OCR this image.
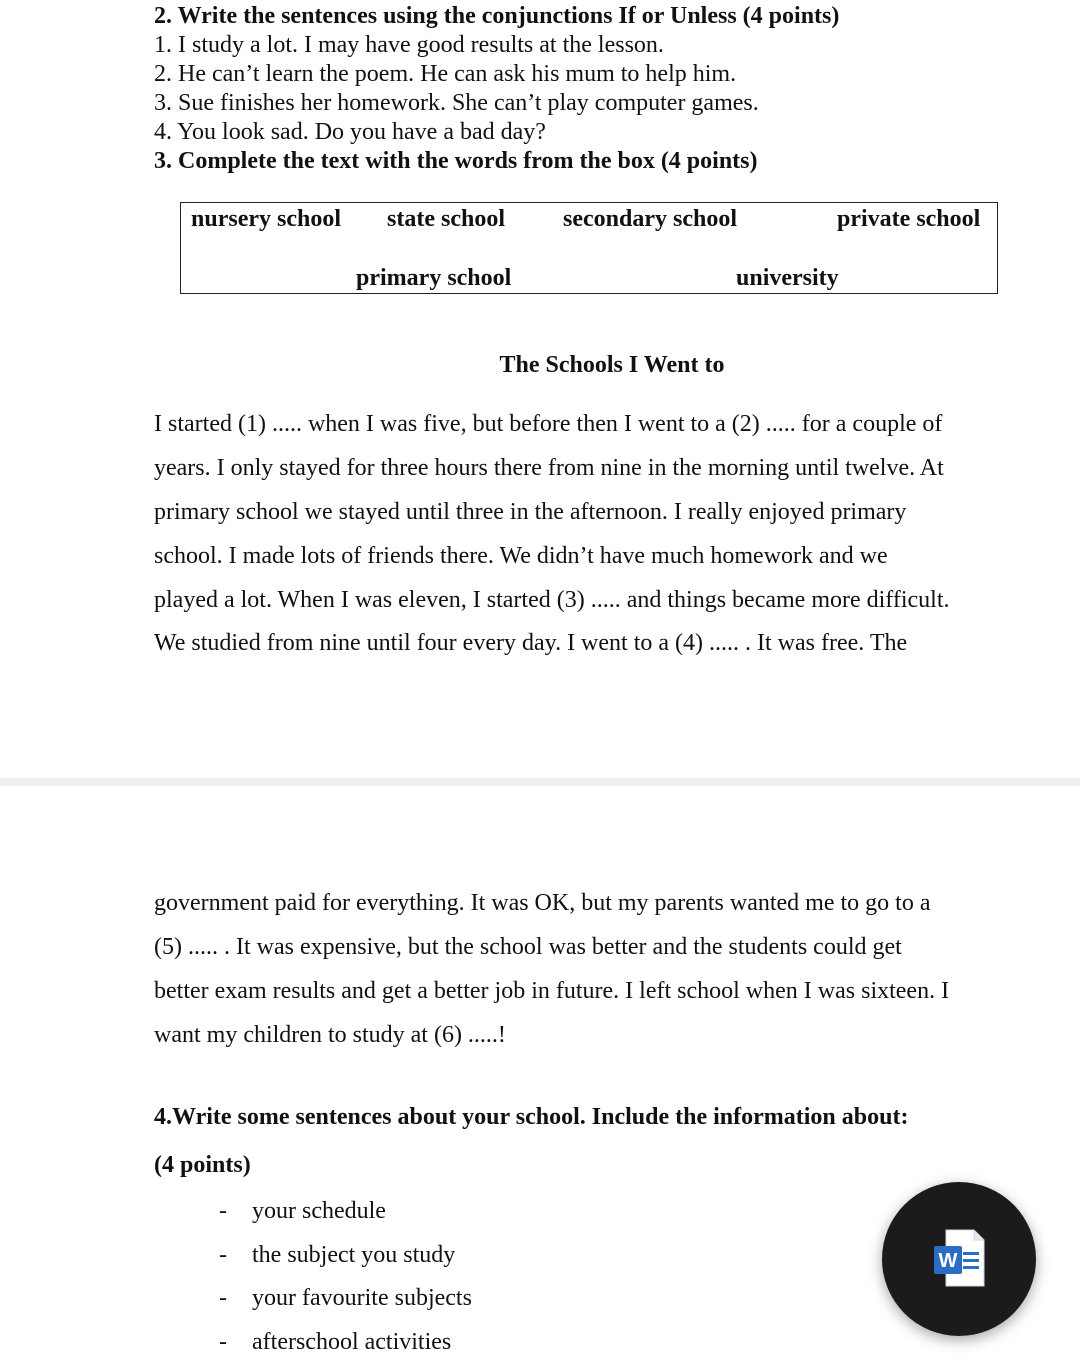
2. Write the sentences using the conjunctions If or Unless (4 points)
1. I study a lot. I may have good results at the lesson.
2. He can’t learn the poem. He can ask his mum to help him.
3. Sue finishes her homework. She can’t play computer games.
4. You look sad. Do you have a bad day?
3. Complete the text with the words from the box (4 points)
nursery school state school secondary school	private school
primary school	university
The Schools I Went to
I started (1) ..... when I was five, but before then I went to a (2) ..... for a couple of
years. I only stayed for three hours there from nine in the morning until twelve. At
primary school we stayed until three in the afternoon. I really enjoyed primary
school. I made lots of friends there. We didn’t have much homework and we
played a lot. When I was eleven, I started (3) ..... and things became more difficult.
We studied from nine until four every day. I went to a (4) ..... . It was free. The
government paid for everything. It was OK, but my parents wanted me to go to a
(5) ..... . It was expensive, but the school was better and the students could get
better exam results and get a better job in future. I left school when I was sixteen. I
want my children to study at (6) .....!
4.Write some sentences about your school. Include the information about:
(4 points)
- your schedule
- the subject you study
- your favourite subjects
- afterschool activities
W
